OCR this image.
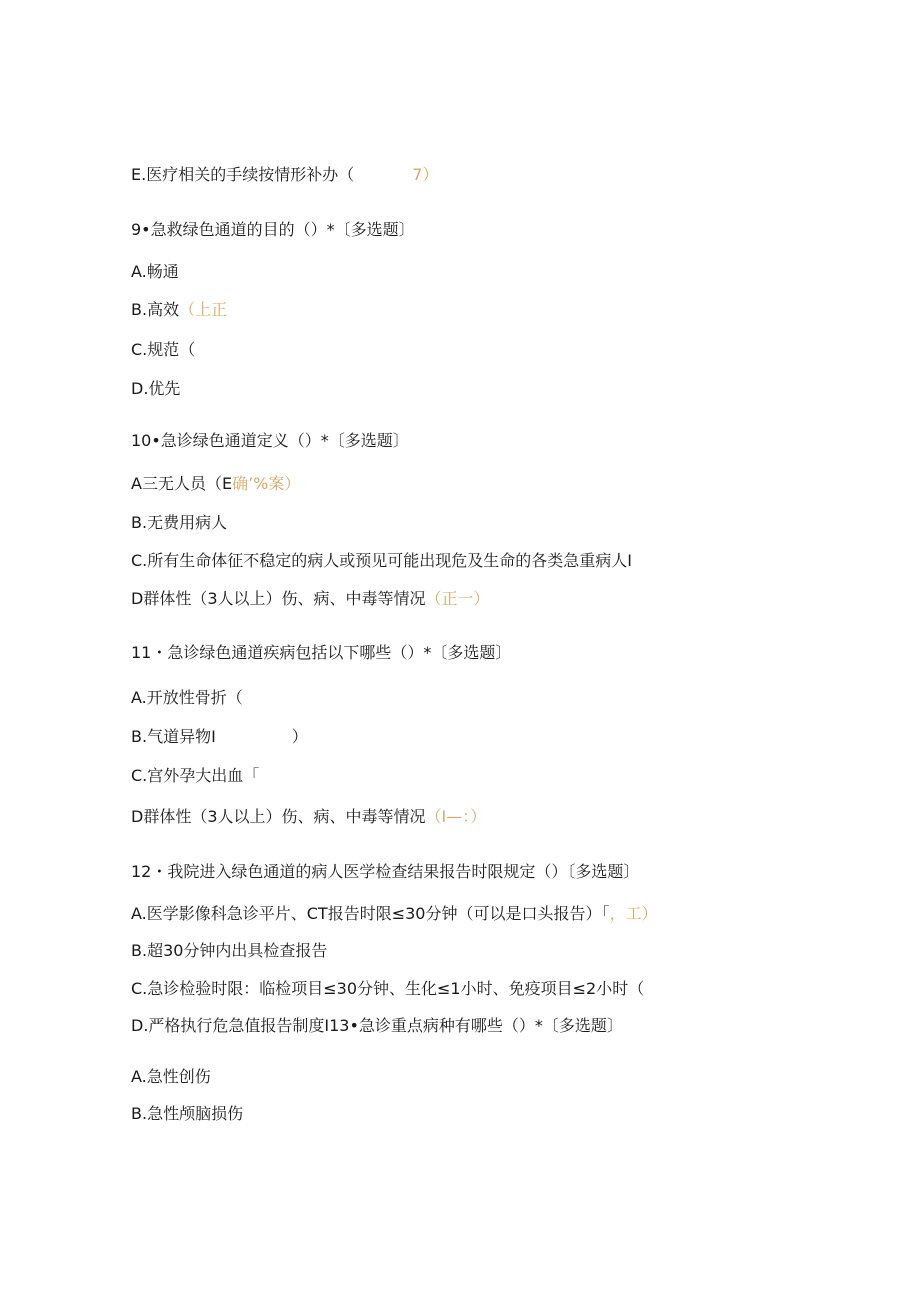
E.医疗相关的手续按情形补办（	7）
9•急救绿色通道的目的（）*〔多选题〕
A.畅通
B.高效（上正
C.规范（
D.优先
10•急诊绿色通道定义（）*〔多选题〕
A三无人员（E确’%案）
B.无费用病人
C.所有生命体征不稳定的病人或预见可能出现危及生命的各类急重病人I
D群体性（3人以上）伤、病、中毒等情况（正一）
11・急诊绿色通道疾病包括以下哪些（）*〔多选题〕
A.开放性骨折（
B.气道异物I	）
C.宫外孕大出血「
D群体性（3人以上）伤、病、中毒等情况（I—：）
12・我院进入绿色通道的病人医学检查结果报告时限规定（）〔多选题〕
A.医学影像科急诊平片、CT报告时限≤30分钟（可以是口头报告）「，工）
B.超30分钟内出具检查报告
C.急诊检验时限：临检项目≤30分钟、生化≤1小时、免疫项目≤2小时（
D.严格执行危急值报告制度I13•急诊重点病种有哪些（）*〔多选题〕
A.急性创伤
B.急性颅脑损伤
